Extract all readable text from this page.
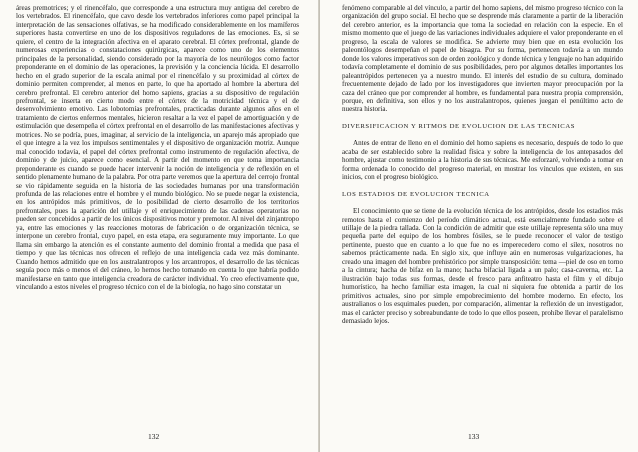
áreas premotrices; y el rinencéfalo, que corresponde a una estructura muy antigua del cerebro de los vertebrados. El rinencéfalo, que cavo desde los vertebrados inferiores como papel principal la interpretación de las sensaciones olfativas, se ha modificado considerablemente en los mamíferos superiores hasta convertirse en uno de los dispositivos reguladores de las emociones. Es, si se quiere, el centro de la integración afectiva en el aparato cerebral. El córtex prefrontal, glande de numerosas experiencias o constataciones quirúrgicas, aparece como uno de los elementos principales de la personalidad, siendo considerado por la mayoría de los neurólogos como factor preponderante en el dominio de las operaciones, la previsión y la conciencia lúcida. El desarrollo hecho en el grado superior de la escala animal por el rinencéfalo y su proximidad al córtex de dominio permiten comprender, al menos en parte, lo que ha aportado al hombre la abertura del cerebro prefrontal. El cerebro anterior del homo sapiens, gracias a su dispositivo de regulación prefrontal, se inserta en cierto modo entre el córtex de la motricidad técnica y el de desenvolvimiento emotivo. Las lobotomías prefrontales, practicadas durante algunos años en el tratamiento de ciertos enfermos mentales, hicieron resaltar a la vez el papel de amortiguación y de estimulación que desempeña el córtex prefrontal en el desarrollo de las manifestaciones afectivas y motrices. No se podría, pues, imaginar, al servicio de la inteligencia, un aparejo más apropiado que el que integre a la vez los impulsos sentimentales y el dispositivo de organización motriz. Aunque mal conocido todavía, el papel del córtex prefrontal como instrumento de regulación afectiva, de dominio y de juicio, aparece como esencial. A partir del momento en que toma importancia preponderante es cuando se puede hacer intervenir la noción de inteligencia y de reflexión en el sentido plenamente humano de la palabra. Por otra parte veremos que la apertura del cerrojo frontal se vio rápidamente seguida en la historia de las sociedades humanas por una transformación profunda de las relaciones entre el hombre y el mundo biológico. No se puede negar la existencia, en los antrópidos más primitivos, de lo posibilidad de cierto desarrollo de los territorios prefrontales, pues la aparición del utillaje y el enriquecimiento de las cadenas operatorias no pueden ser concebidos a partir de los únicos dispositivos motor y premotor. Al nivel del zinjantropo ya, entre las emociones y las reacciones motoras de fabricación o de organización técnica, se interpone un cerebro frontal, cuyo papel, en esta etapa, era seguramente muy importante. Lo que llama sin embargo la atención es el constante aumento del dominio frontal a medida que pasa el tiempo y que las técnicas nos ofrecen el reflejo de una inteligencia cada vez más dominante. Cuando hemos admitido que en los australantropos y los arcantropos, el desarrollo de las técnicas seguía poco más o menos el del cráneo, lo hemos hecho tomando en cuenta lo que habría podido manifestarse en tanto que inteligencia creadora de carácter individual. Yo creo efectivamente que, vinculando a estos niveles el progreso técnico con el de la biología, no hago sino constatar un

132

fenómeno comparable al del vínculo, a partir del homo sapiens, del mismo progreso técnico con la organización del grupo social. El hecho que se desprende más claramente a partir de la liberación del cerebro anterior, es la importancia que toma la sociedad en relación con la especie. En el mismo momento que el juego de las variaciones individuales adquiere el valor preponderante en el progreso, la escala de valores se modifica. Se advierte muy bien que en esta evolución los paleontólogos desempeñan el papel de bisagra. Por su forma, pertenecen todavía a un mundo donde los valores imperativos son de orden zoológico y donde técnica y lenguaje no han adquirido todavía completamente el dominio de sus posibilidades, pero por algunos detalles importantes los paleantrópidos pertenecen ya a nuestro mundo. El interés del estudio de su cultura, dominado frecuentemente dejado de lado por los investigadores que invierten mayor preocupación por la caza del cráneo que por comprender al hombre, es fundamental para nuestra propia comprensión, porque, en definitiva, son ellos y no los australantropos, quienes juegan el penúltimo acto de nuestra historia.

DIVERSIFICACION Y RITMOS DE EVOLUCION DE LAS TECNICAS

Antes de entrar de lleno en el dominio del homo sapiens es necesario, después de todo lo que acaba de ser establecido sobre la realidad física y sobre la inteligencia de los antepasados del hombre, ajustar como testimonio a la historia de sus técnicas. Me esforzaré, volviendo a tomar en forma ordenada lo conocido del progreso material, en mostrar los vínculos que existen, en sus inicios, con el progreso biológico.

LOS ESTADIOS DE EVOLUCION TECNICA

El conocimiento que se tiene de la evolución técnica de los antrópidos, desde los estadios más remotos hasta el comienzo del período climático actual, está esencialmente fundado sobre el utillaje de la piedra tallada. Con la condición de admitir que este utillaje representa sólo una muy pequeña parte del equipo de los hombres fósiles, se le puede reconocer el valor de testigo pertinente, puesto que en cuanto a lo que fue no es imperecedero como el sílex, nosotros no sabemos prácticamente nada. En siglo xix, que influye aún en numerosas vulgarizaciones, ha creado una imagen del hombre prehistórico por simple transposición: tema —piel de oso en torno a la cintura; hacha de bifaz en la mano; hacha bifacial ligada a un palo; casa-caverna, etc. La ilustración bajo todas sus formas, desde el fresco para anfiteatro hasta el film y el dibujo humorístico, ha hecho familiar esta imagen, la cual ni siquiera fue obtenida a partir de los primitivos actuales, sino por simple empobrecimiento del hombre moderno. En efecto, los australianos o los esquimales pueden, por comparación, alimentar la reflexión de un investigador, mas el carácter preciso y sobreabundante de todo lo que ellos poseen, prohíbe llevar el paralelismo demasiado lejos.

133
